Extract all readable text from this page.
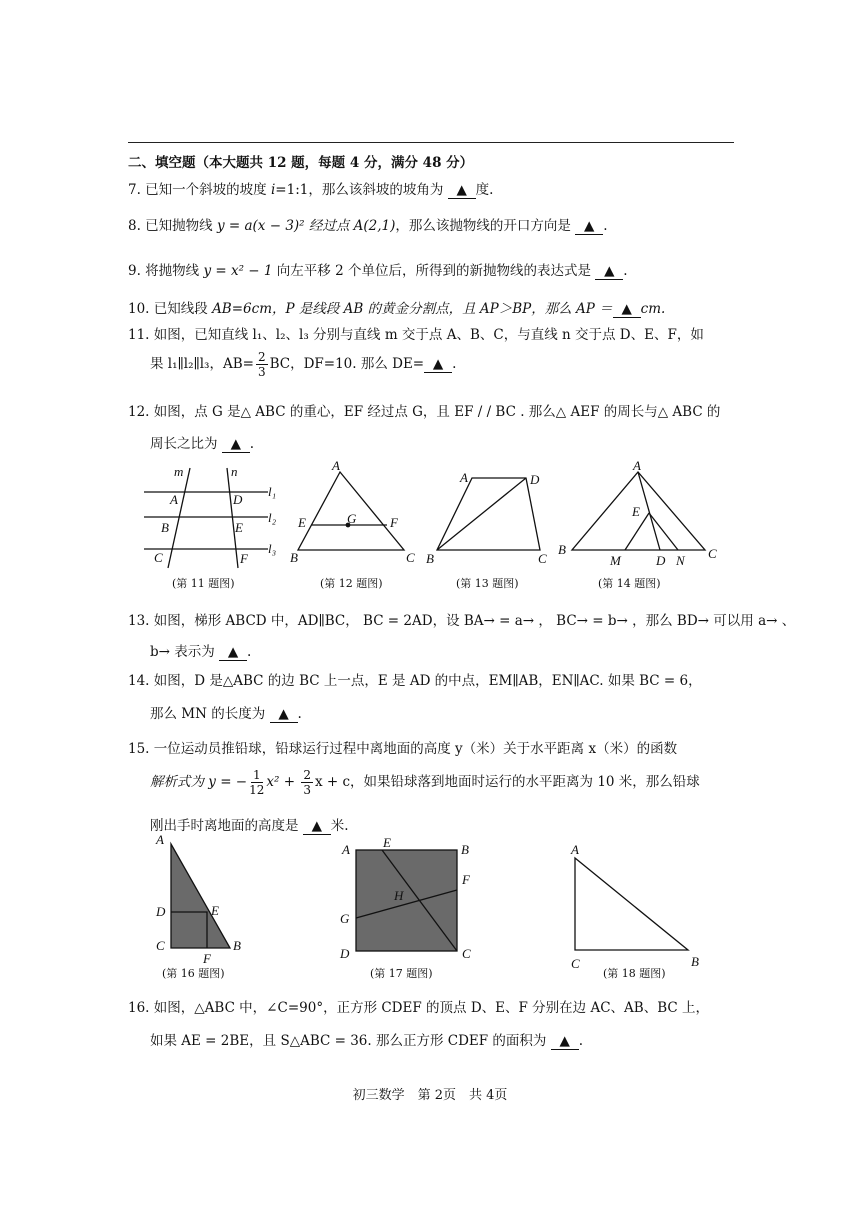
二、填空题（本大题共 12 题，每题 4 分，满分 48 分）
7. 已知一个斜坡的坡度 i=1:1，那么该斜坡的坡角为 ▲ 度.
8. 已知抛物线 y = a(x − 3)² 经过点 A(2,1)，那么该抛物线的开口方向是 ▲ .
9. 将抛物线 y = x² − 1 向左平移 2 个单位后，所得到的新抛物线的表达式是 ▲ .
10. 已知线段 AB=6cm，P 是线段 AB 的黄金分割点，且 AP＞BP，那么 AP ＝ ▲ cm.
11. 如图，已知直线 l₁、l₂、l₃ 分别与直线 m 交于点 A、B、C，与直线 n 交于点 D、E、F，如
果 l₁∥l₂∥l₃，$AB= \frac{2}{3}$ BC，DF=10. 那么 DE= ▲ .
12. 如图，点 G 是△ ABC 的重心，EF 经过点 G，且 EF / / BC . 那么△ AEF 的周长与△ ABC 的
周长之比为 ▲ .
m	n
A	D
B	E
C	F
l₁
l₂
l₃
A
E	G	F
B	C
A	D
B	C
A
E
B
M	D N C
(第 11 题图)	(第 12 题图)	(第 13 题图)	(第 14 题图)
13. 如图，梯形 ABCD 中，AD∥BC， BC = 2AD，设 BA→ = a→ ， BC→ = b→ ，那么 BD→ 可以用 a→ 、
b→ 表示为 ▲ .
14. 如图，D 是△ABC 的边 BC 上一点，E 是 AD 的中点，EM∥AB，EN∥AC. 如果 BC = 6，
那么 MN 的长度为 ▲ .
15. 一位运动员推铅球，铅球运行过程中离地面的高度 y（米）关于水平距离 x（米）的函数
解析式为 y = − $\frac{1}{12} x^2 + \frac{2}{3}$ x + c，如果铅球落到地面时运行的水平距离为 10 米，那么铅球
刚出手时离地面的高度是 ▲ 米.
A
D	E
C
F
B
A	E	B
F
H
G
D	C
A
C	B
(第 16 题图)	(第 17 题图)	(第 18 题图)
16. 如图，△ABC 中，∠C=90°，正方形 CDEF 的顶点 D、E、F 分别在边 AC、AB、BC 上，
如果 AE = 2BE，且 S△ABC = 36. 那么正方形 CDEF 的面积为 ▲ .
初三数学　第 2页　共 4页
